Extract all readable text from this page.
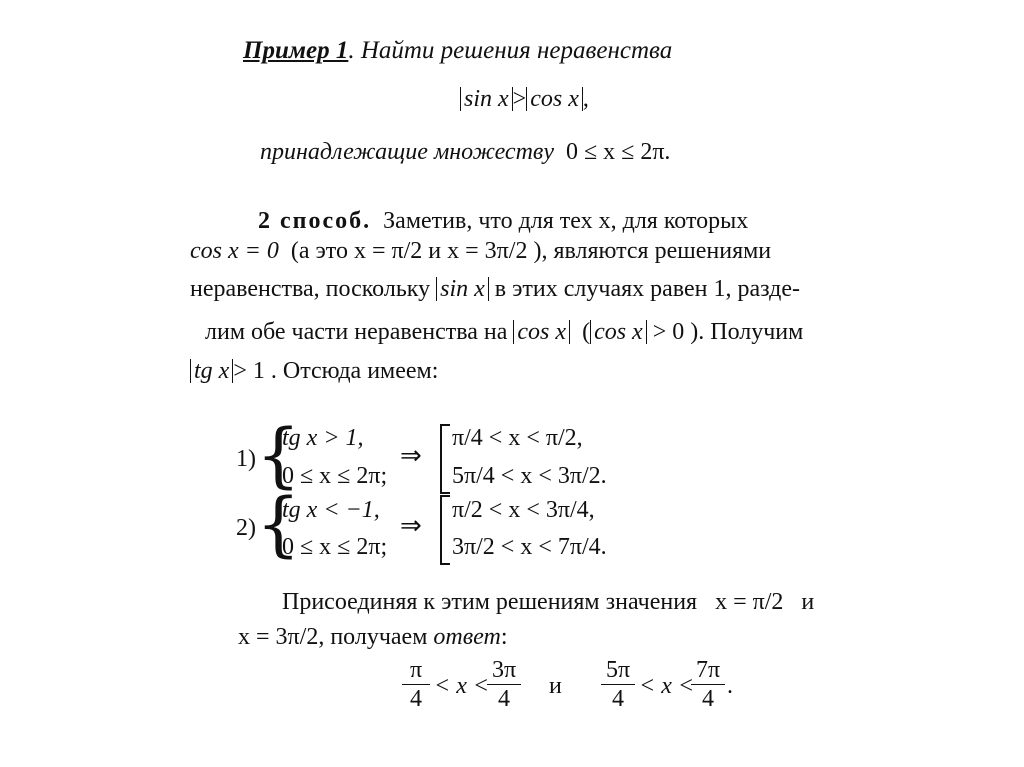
Пример 1. Найти решения неравенства
sin x > cos x ,
принадлежащие множеству 0 ≤ x ≤ 2π.
2 способ. Заметив, что для тех x, для которых
cos x = 0 (а это x = π/2 и x = 3π/2 ), являются решениями
неравенства, поскольку sin x в этих случаях равен 1, разде-
лим обе части неравенства на cos x  ( cos x > 0 ). Получим
tg x > 1 . Отсюда имеем:
1) {
tg x > 1,
0 ≤ x ≤ 2π;
⇒
π/4 < x < π/2,
5π/4 < x < 3π/2.
2) {
tg x < −1,
0 ≤ x ≤ 2π;
⇒
π/2 < x < 3π/4,
3π/2 < x < 7π/4.
Присоединяя к этим решениям значения x = π/2 и
x = 3π/2, получаем ответ:
$\frac{\pi}{4} < x$ <
$\frac{3\pi}{4}$ и $\frac{5\pi}{4} < x$ <
$\frac{7\pi}{4}$ .
